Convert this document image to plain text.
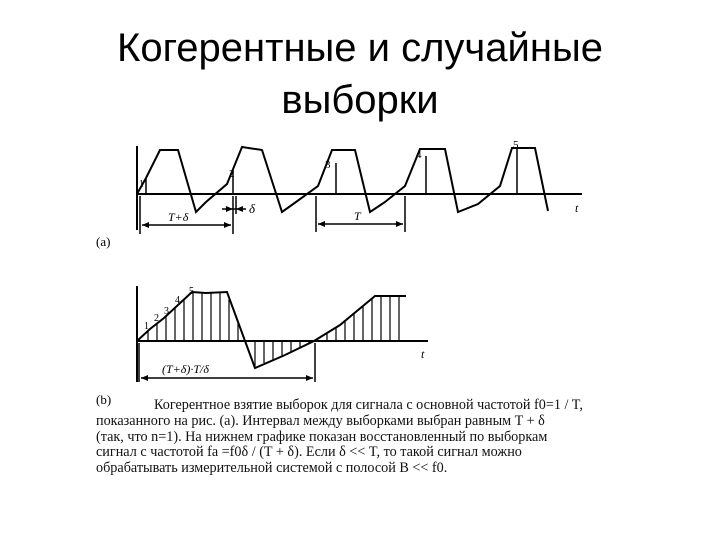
Когерентные и случайные
выборки
1
2
3
4
5
δ
T+δ	T
t
(a)
1
2
3
4
5
t
(T+δ)·T/δ
(b)	Когерентное взятие выборок для сигнала с основной частотой f0=1 / T,
показанного на рис. (a). Интервал между выборками выбран равным T + δ
(так, что n=1). На нижнем графике показан восстановленный по выборкам
сигнал с частотой fa =f0δ / (T + δ). Если δ << T, то такой сигнал можно
обрабатывать измерительной системой с полосой B << f0.
